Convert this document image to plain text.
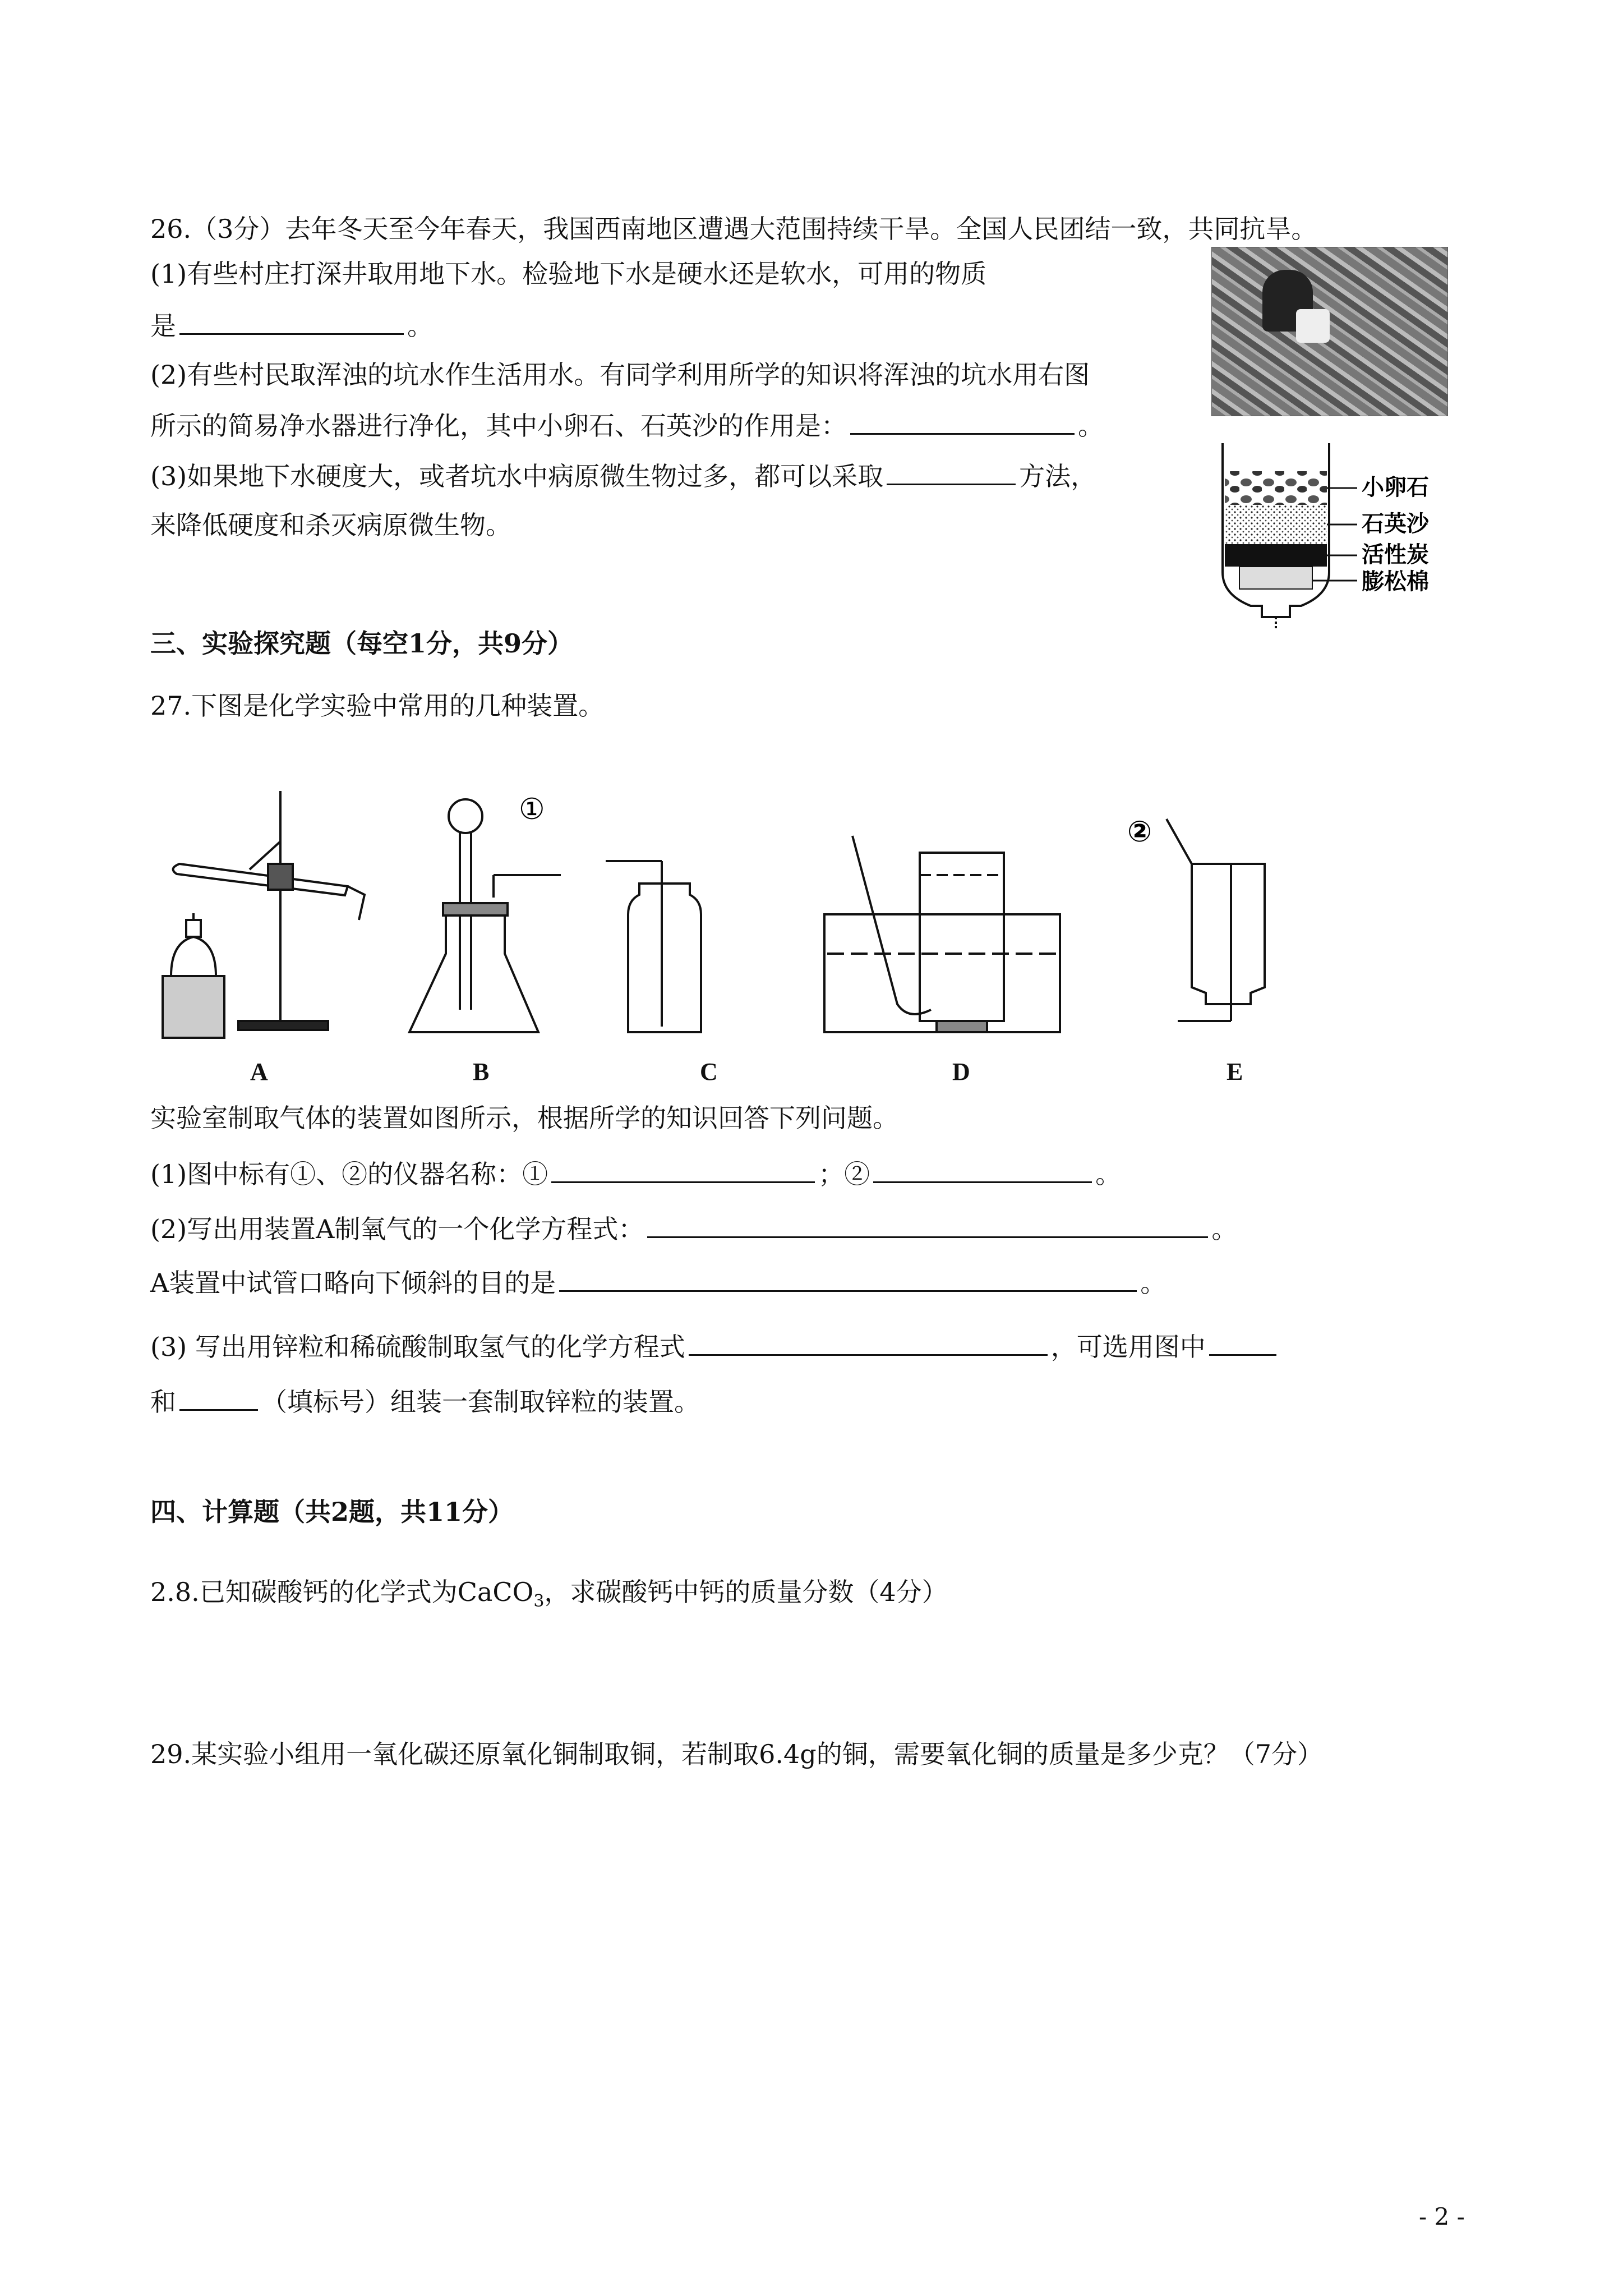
26.（3分）去年冬天至今年春天，我国西南地区遭遇大范围持续干旱。全国人民团结一致，共同抗旱。
(1)有些村庄打深井取用地下水。检验地下水是硬水还是软水，可用的物质
是	。
(2)有些村民取浑浊的坑水作生活用水。有同学利用所学的知识将浑浊的坑水用右图
所示的简易净水器进行净化，其中小卵石、石英沙的作用是：	。
(3)如果地下水硬度大，或者坑水中病原微生物过多，都可以采取	方法，
来降低硬度和杀灭病原微生物。
小卵石
石英沙
活性炭
膨松棉
三、实验探究题（每空1分，共9分）
27.下图是化学实验中常用的几种装置。
①
②
A	B	C	D	E
实验室制取气体的装置如图所示，根据所学的知识回答下列问题。
(1)图中标有①、②的仪器名称：①	；②	。
(2)写出用装置A制氧气的一个化学方程式：	。
A装置中试管口略向下倾斜的目的是	。
(3) 写出用锌粒和稀硫酸制取氢气的化学方程式	，可选用图中
和	（填标号）组装一套制取锌粒的装置。
四、计算题（共2题，共11分）
2.8.已知碳酸钙的化学式为CaCO$_3$，求碳酸钙中钙的质量分数（4分）
29.某实验小组用一氧化碳还原氧化铜制取铜，若制取6.4g的铜，需要氧化铜的质量是多少克？（7分）
- 2 -
